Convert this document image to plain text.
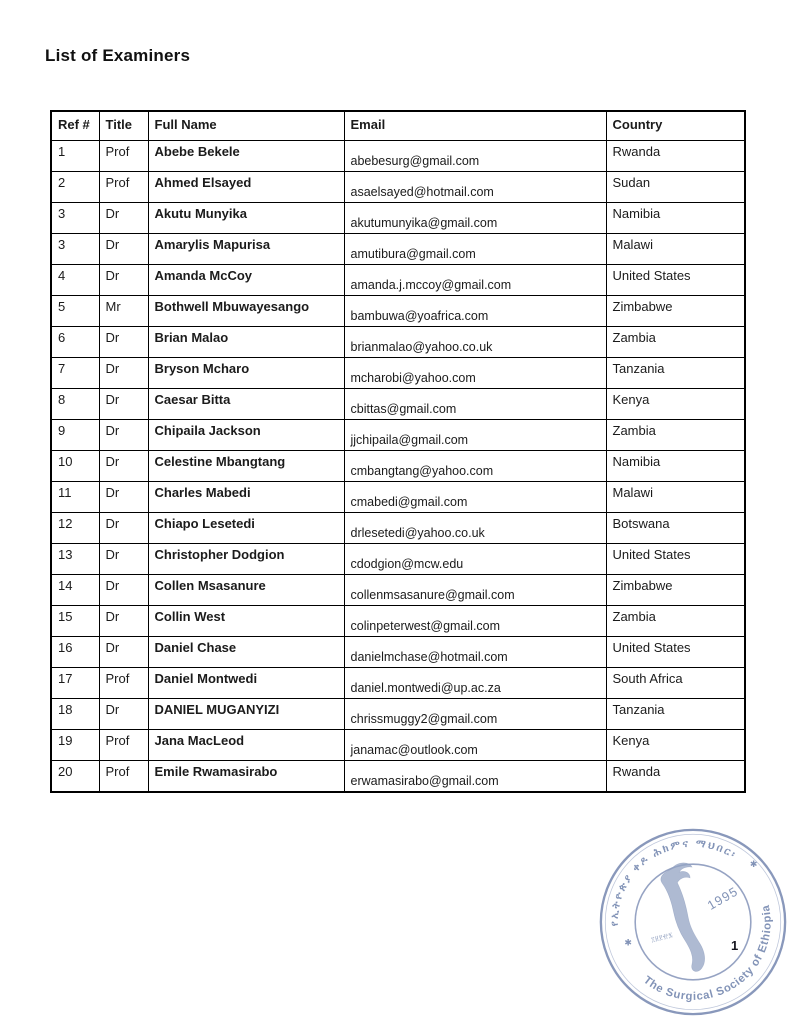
List of Examiners
Ref #	Title	Full Name	Email	Country
1	Prof	Abebe Bekele	abebesurg@gmail.com	Rwanda
2	Prof	Ahmed Elsayed	asaelsayed@hotmail.com	Sudan
3	Dr	Akutu Munyika	akutumunyika@gmail.com	Namibia
3	Dr	Amarylis Mapurisa	amutibura@gmail.com	Malawi
4	Dr	Amanda McCoy	amanda.j.mccoy@gmail.com	United States
5	Mr	Bothwell Mbuwayesango	bambuwa@yoafrica.com	Zimbabwe
6	Dr	Brian Malao	brianmalao@yahoo.co.uk	Zambia
7	Dr	Bryson Mcharo	mcharobi@yahoo.com	Tanzania
8	Dr	Caesar Bitta	cbittas@gmail.com	Kenya
9	Dr	Chipaila Jackson	jjchipaila@gmail.com	Zambia
10	Dr	Celestine Mbangtang	cmbangtang@yahoo.com	Namibia
11	Dr	Charles Mabedi	cmabedi@gmail.com	Malawi
12	Dr	Chiapo Lesetedi	drlesetedi@yahoo.co.uk	Botswana
13	Dr	Christopher Dodgion	cdodgion@mcw.edu	United States
14	Dr	Collen Msasanure	collenmsasanure@gmail.com	Zimbabwe
15	Dr	Collin West	colinpeterwest@gmail.com	Zambia
16	Dr	Daniel Chase	danielmchase@hotmail.com	United States
17	Prof	Daniel Montwedi	daniel.montwedi@up.ac.za	South Africa
18	Dr	DANIEL MUGANYIZI	chrissmuggy2@gmail.com	Tanzania
19	Prof	Jana MacLeod	janamac@outlook.com	Kenya
20	Prof	Emile Rwamasirabo	erwamasirabo@gmail.com	Rwanda
የኢትዮጵያ ቀዶ ሕክምና ማህበር፡
The Surgical Society of Ethiopia
✱
✱
1995
፲፱፻፹፯
1
